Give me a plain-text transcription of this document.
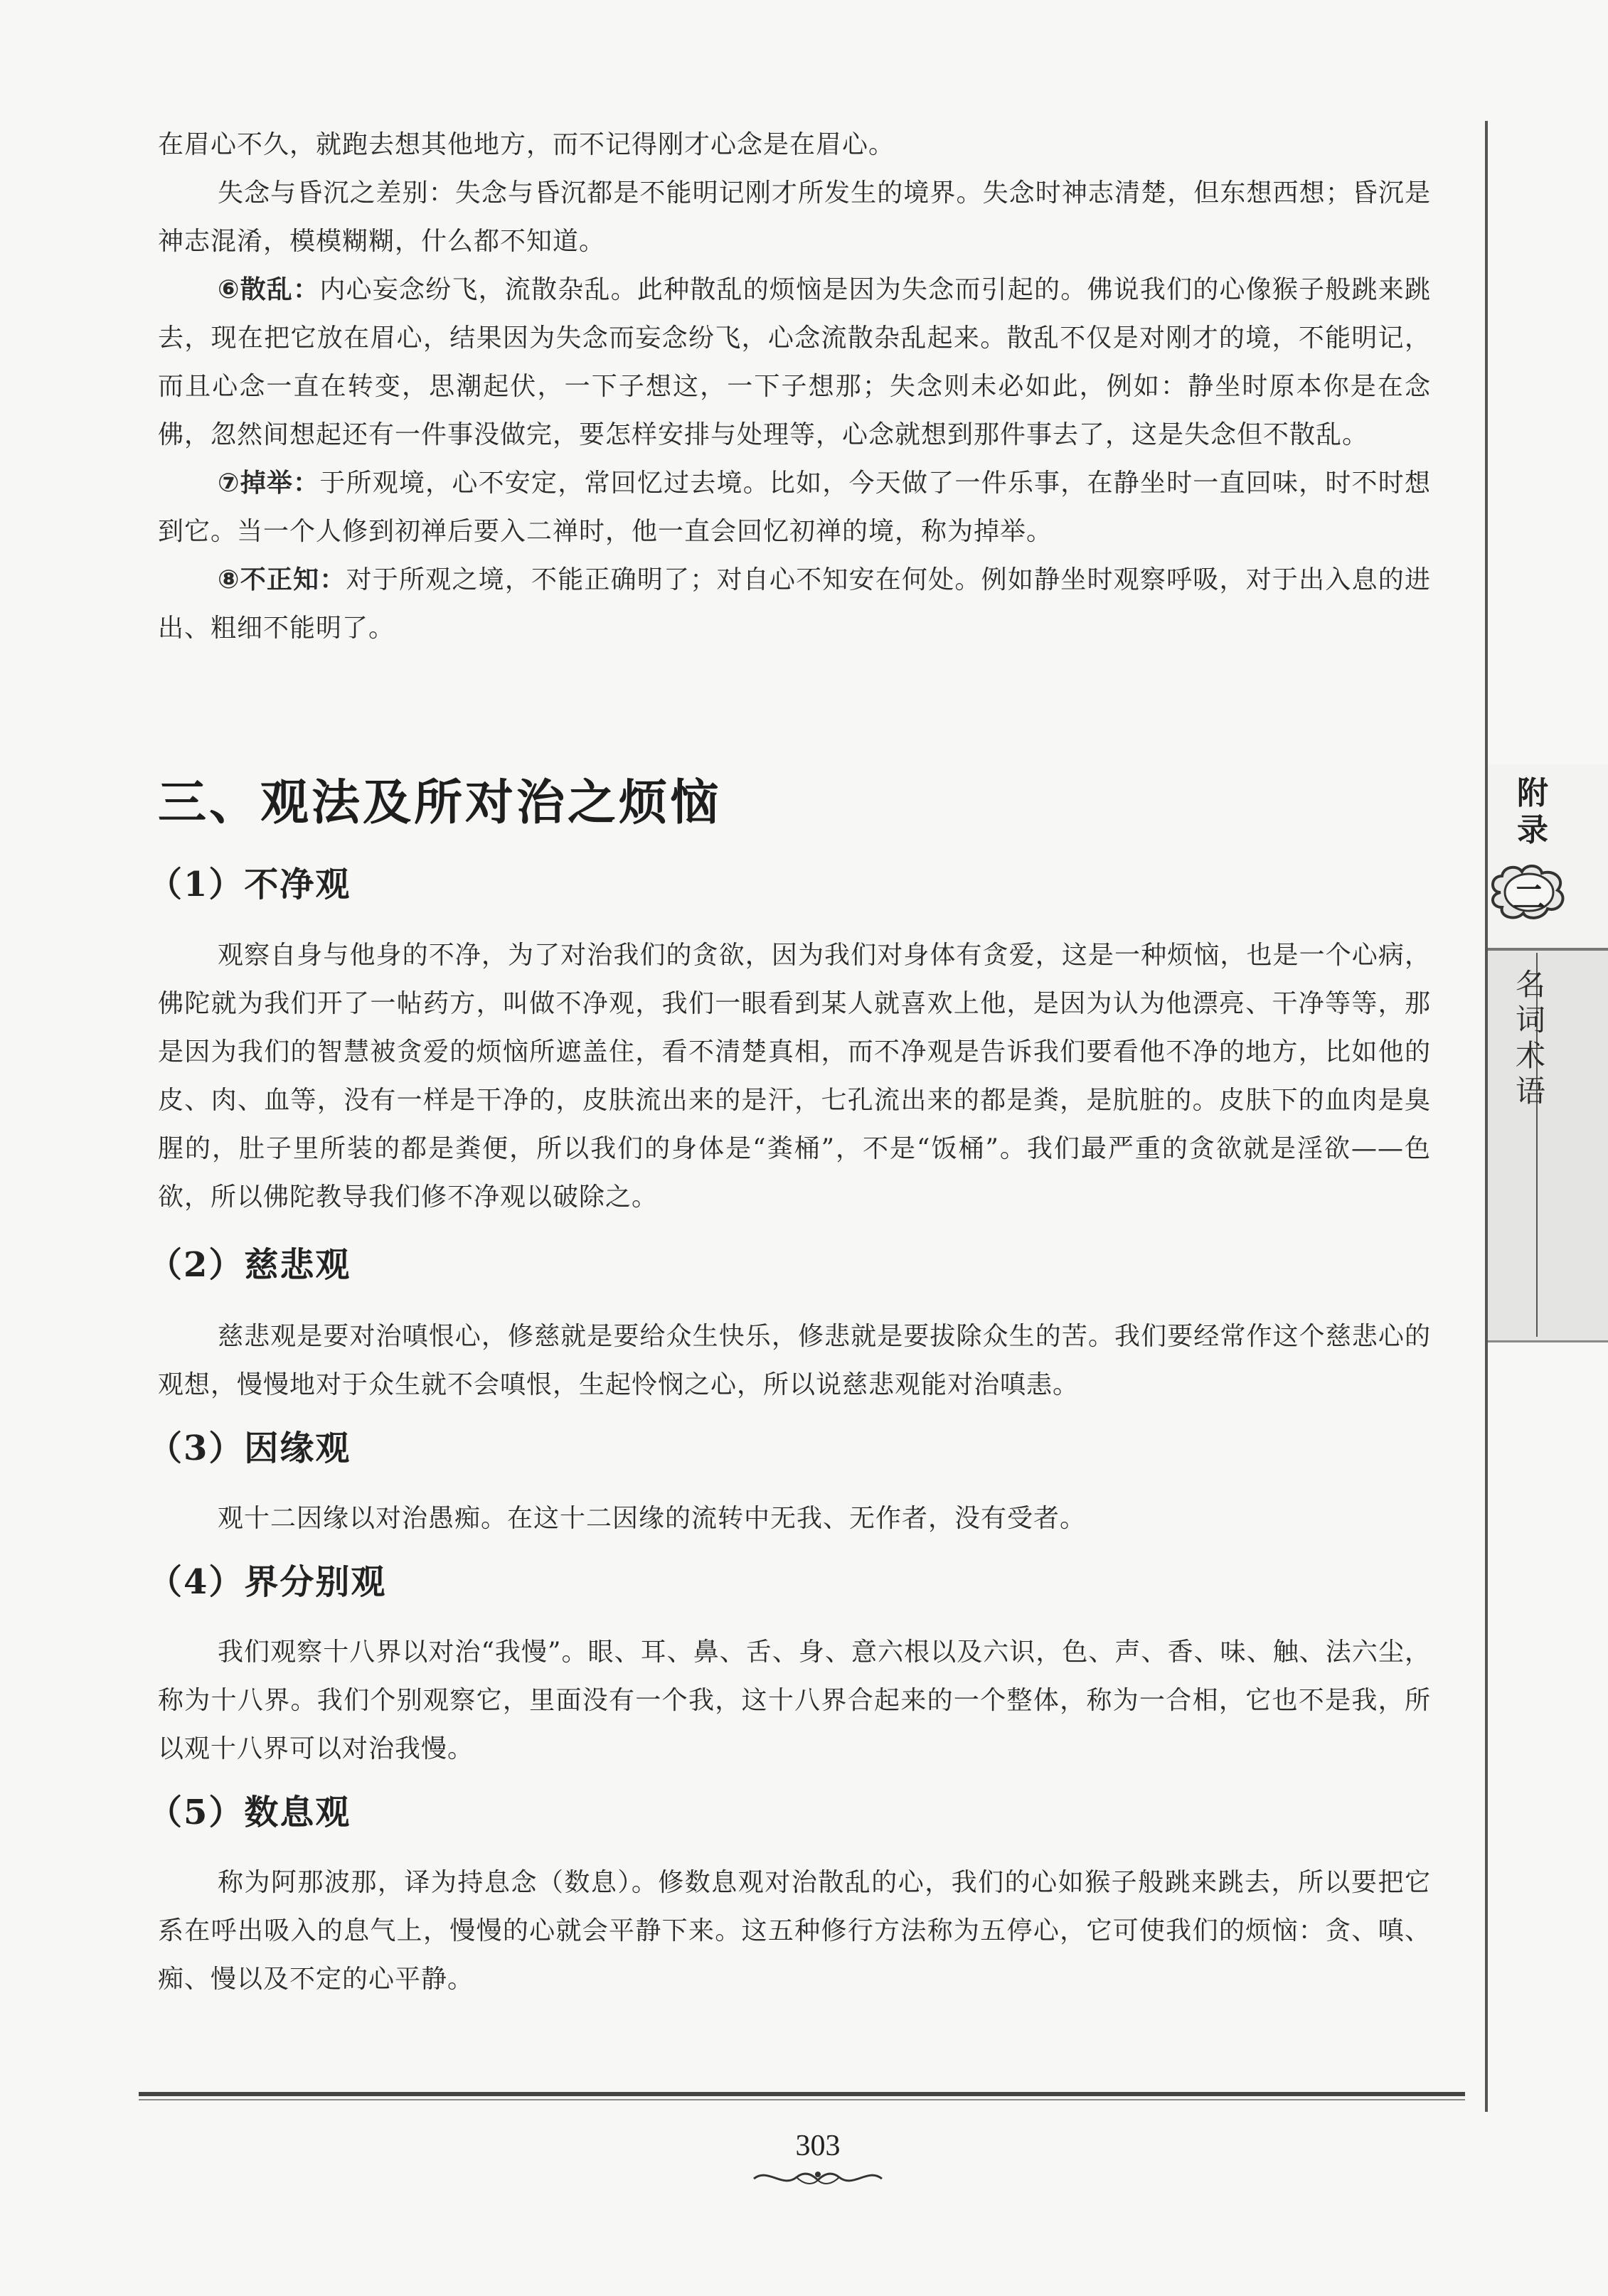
附
录
二
名
词
术
语

在眉心不久，就跑去想其他地方，而不记得刚才心念是在眉心。

失念与昏沉之差别：失念与昏沉都是不能明记刚才所发生的境界。失念时神志清楚，但东想西想；昏沉是神志混淆，模模糊糊，什么都不知道。

⑥散乱：内心妄念纷飞，流散杂乱。此种散乱的烦恼是因为失念而引起的。佛说我们的心像猴子般跳来跳去，现在把它放在眉心，结果因为失念而妄念纷飞，心念流散杂乱起来。散乱不仅是对刚才的境，不能明记，而且心念一直在转变，思潮起伏，一下子想这，一下子想那；失念则未必如此，例如：静坐时原本你是在念佛，忽然间想起还有一件事没做完，要怎样安排与处理等，心念就想到那件事去了，这是失念但不散乱。

⑦掉举：于所观境，心不安定，常回忆过去境。比如，今天做了一件乐事，在静坐时一直回味，时不时想到它。当一个人修到初禅后要入二禅时，他一直会回忆初禅的境，称为掉举。

⑧不正知：对于所观之境，不能正确明了；对自心不知安在何处。例如静坐时观察呼吸，对于出入息的进出、粗细不能明了。

三、观法及所对治之烦恼
（1）不净观

观察自身与他身的不净，为了对治我们的贪欲，因为我们对身体有贪爱，这是一种烦恼，也是一个心病，佛陀就为我们开了一帖药方，叫做不净观，我们一眼看到某人就喜欢上他，是因为认为他漂亮、干净等等，那是因为我们的智慧被贪爱的烦恼所遮盖住，看不清楚真相，而不净观是告诉我们要看他不净的地方，比如他的皮、肉、血等，没有一样是干净的，皮肤流出来的是汗，七孔流出来的都是粪，是肮脏的。皮肤下的血肉是臭腥的，肚子里所装的都是粪便，所以我们的身体是“粪桶”，不是“饭桶”。我们最严重的贪欲就是淫欲——色欲，所以佛陀教导我们修不净观以破除之。

（2）慈悲观

慈悲观是要对治嗔恨心，修慈就是要给众生快乐，修悲就是要拔除众生的苦。我们要经常作这个慈悲心的观想，慢慢地对于众生就不会嗔恨，生起怜悯之心，所以说慈悲观能对治嗔恚。

（3）因缘观

观十二因缘以对治愚痴。在这十二因缘的流转中无我、无作者，没有受者。

（4）界分别观

我们观察十八界以对治“我慢”。眼、耳、鼻、舌、身、意六根以及六识，色、声、香、味、触、法六尘，称为十八界。我们个别观察它，里面没有一个我，这十八界合起来的一个整体，称为一合相，它也不是我，所以观十八界可以对治我慢。

（5）数息观

称为阿那波那，译为持息念（数息）。修数息观对治散乱的心，我们的心如猴子般跳来跳去，所以要把它系在呼出吸入的息气上，慢慢的心就会平静下来。这五种修行方法称为五停心，它可使我们的烦恼：贪、嗔、痴、慢以及不定的心平静。

303
